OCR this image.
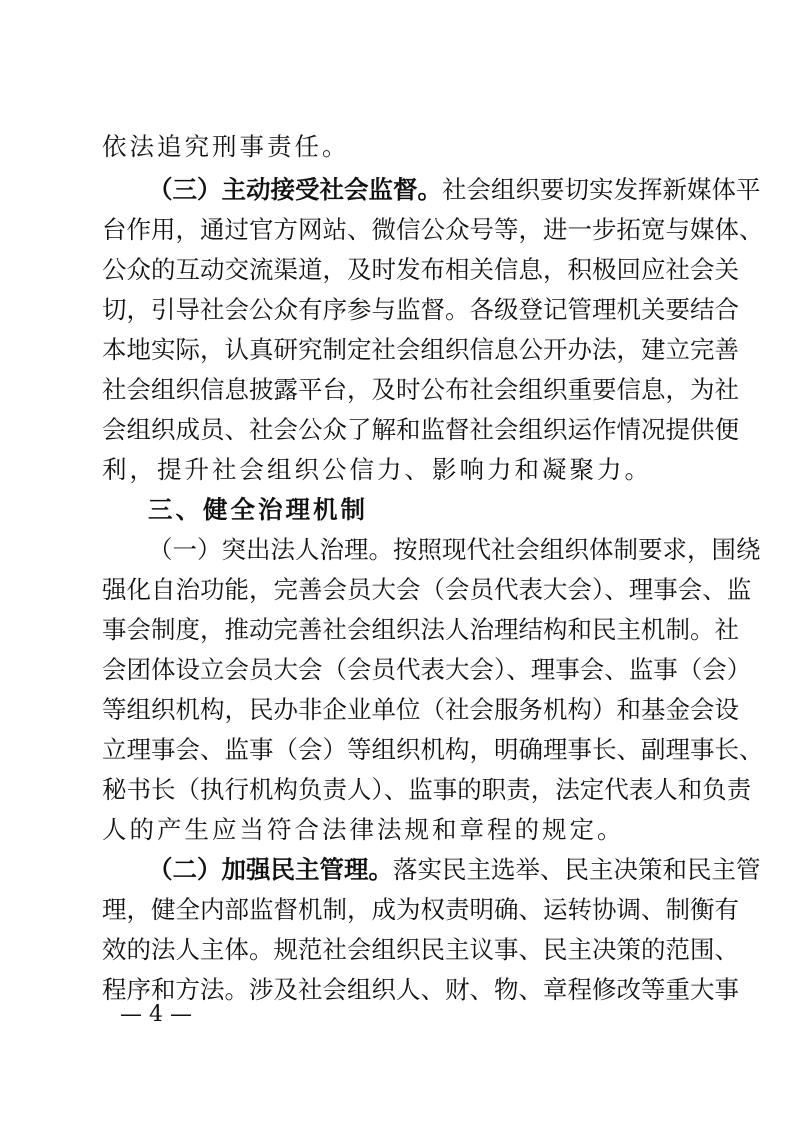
依法追究刑事责任。
（三）主动接受社会监督。社会组织要切实发挥新媒体平
台作用，通过官方网站、微信公众号等，进一步拓宽与媒体、
公众的互动交流渠道，及时发布相关信息，积极回应社会关
切，引导社会公众有序参与监督。各级登记管理机关要结合
本地实际，认真研究制定社会组织信息公开办法，建立完善
社会组织信息披露平台，及时公布社会组织重要信息，为社
会组织成员、社会公众了解和监督社会组织运作情况提供便
利，提升社会组织公信力、影响力和凝聚力。
三、健全治理机制
（一）突出法人治理。按照现代社会组织体制要求，围绕
强化自治功能，完善会员大会（会员代表大会）、理事会、监
事会制度，推动完善社会组织法人治理结构和民主机制。社
会团体设立会员大会（会员代表大会）、理事会、监事（会）
等组织机构，民办非企业单位（社会服务机构）和基金会设
立理事会、监事（会）等组织机构，明确理事长、副理事长、
秘书长（执行机构负责人）、监事的职责，法定代表人和负责
人的产生应当符合法律法规和章程的规定。
（二）加强民主管理。落实民主选举、民主决策和民主管
理，健全内部监督机制，成为权责明确、运转协调、制衡有
效的法人主体。规范社会组织民主议事、民主决策的范围、
程序和方法。涉及社会组织人、财、物、章程修改等重大事
— 4 —
